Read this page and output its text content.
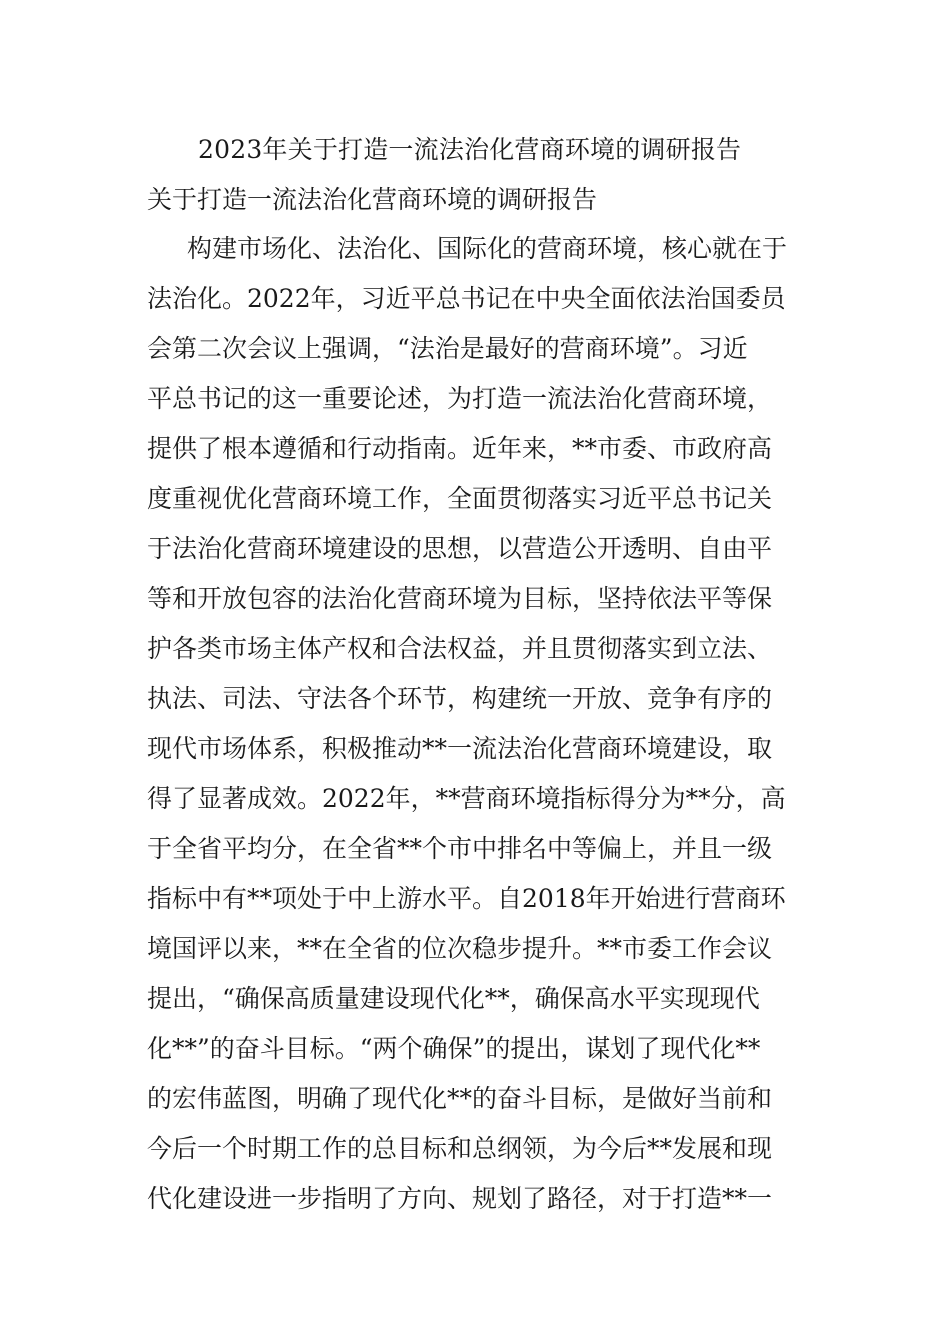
2023年关于打造一流法治化营商环境的调研报告
关于打造一流法治化营商环境的调研报告
构建市场化、法治化、国际化的营商环境，核心就在于
法治化。2022年，习近平总书记在中央全面依法治国委员
会第二次会议上强调，“法治是最好的营商环境”。习近
平总书记的这一重要论述，为打造一流法治化营商环境，
提供了根本遵循和行动指南。近年来，**市委、市政府高
度重视优化营商环境工作，全面贯彻落实习近平总书记关
于法治化营商环境建设的思想，以营造公开透明、自由平
等和开放包容的法治化营商环境为目标，坚持依法平等保
护各类市场主体产权和合法权益，并且贯彻落实到立法、
执法、司法、守法各个环节，构建统一开放、竞争有序的
现代市场体系，积极推动**一流法治化营商环境建设，取
得了显著成效。2022年，**营商环境指标得分为**分，高
于全省平均分，在全省**个市中排名中等偏上，并且一级
指标中有**项处于中上游水平。自2018年开始进行营商环
境国评以来，**在全省的位次稳步提升。**市委工作会议
提出，“确保高质量建设现代化**，确保高水平实现现代
化**”的奋斗目标。“两个确保”的提出，谋划了现代化**
的宏伟蓝图，明确了现代化**的奋斗目标，是做好当前和
今后一个时期工作的总目标和总纲领，为今后**发展和现
代化建设进一步指明了方向、规划了路径，对于打造**一
